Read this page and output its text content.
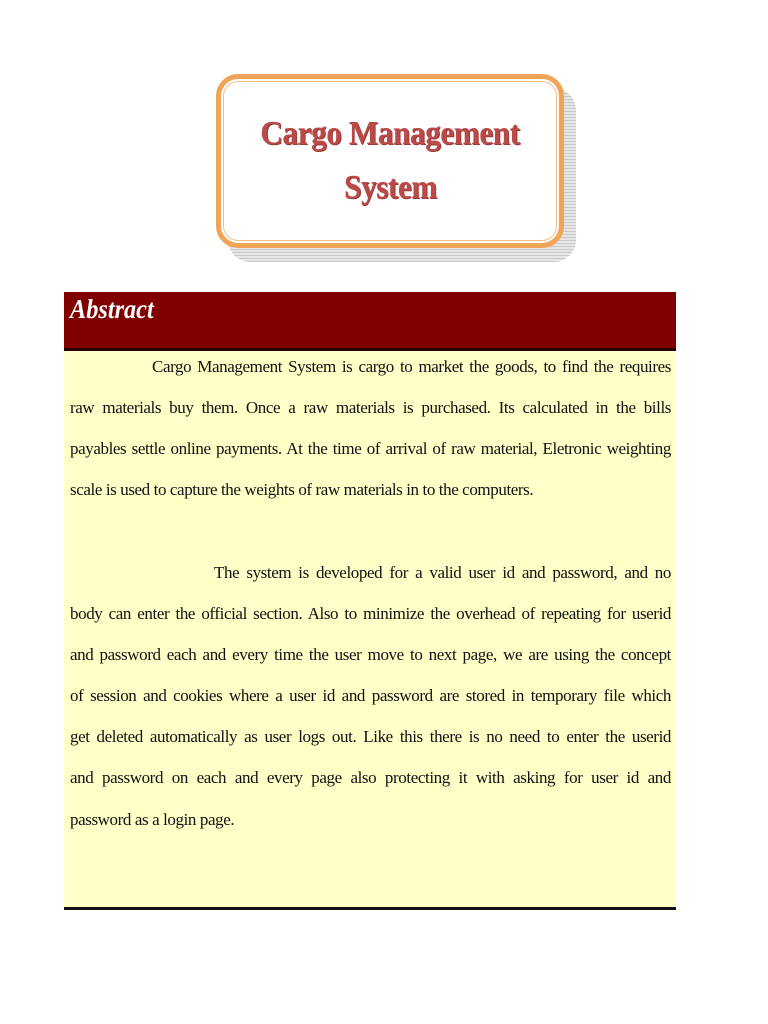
Cargo Management
System
Abstract
Cargo Management System is cargo to market the goods, to find the requires
raw materials buy them. Once a raw materials is purchased. Its calculated in the bills
payables settle online payments. At the time of arrival of raw material, Eletronic weighting
scale is used to capture the weights of raw materials in to the computers.
The system is developed for a valid user id and password, and no
body can enter the official section. Also to minimize the overhead of repeating for userid
and password each and every time the user move to next page, we are using the concept
of session and cookies where a user id and password are stored in temporary file which
get deleted automatically as user logs out. Like this there is no need to enter the userid
and password on each and every page also protecting it with asking for user id and
password as a login page.
